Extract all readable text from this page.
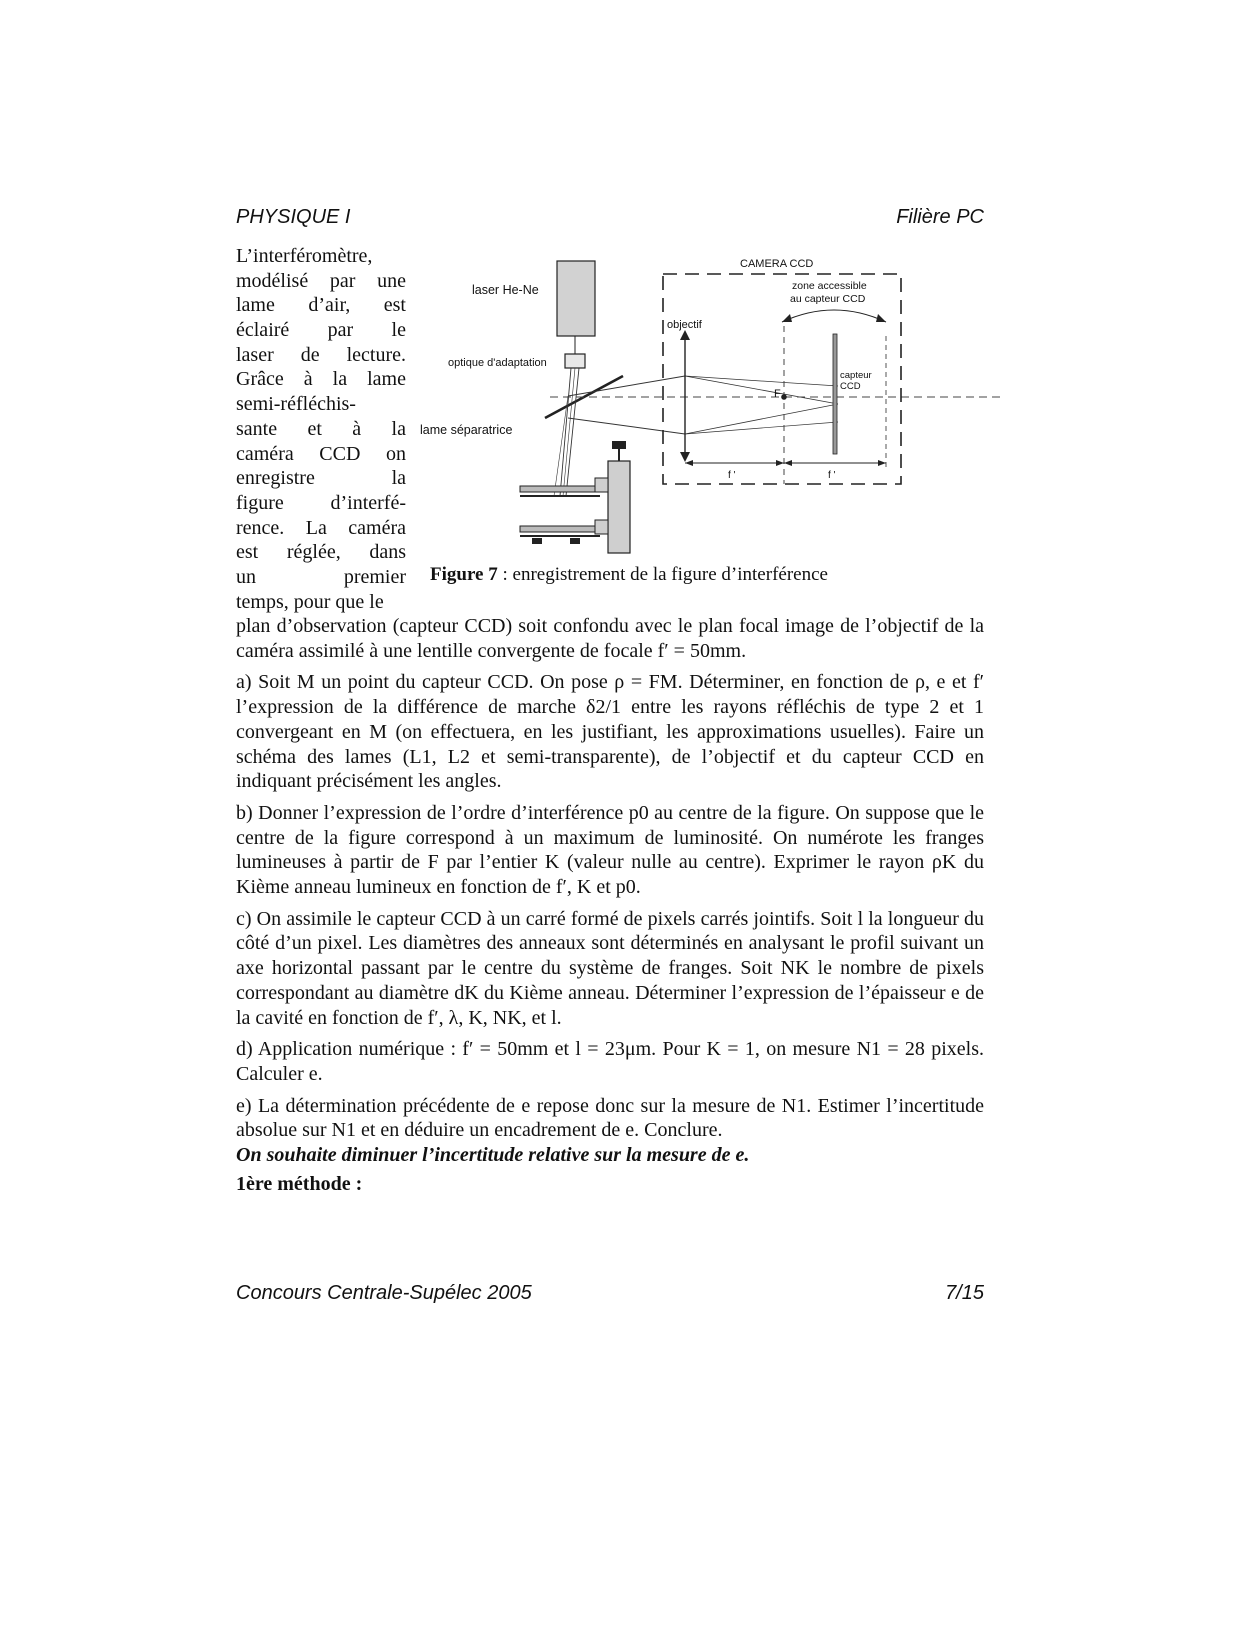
PHYSIQUE I	Filière PC
L’interféromètre,
modélisé par une
lame d’air, est
éclairé par le
laser de lecture.
Grâce à la lame
semi-réfléchis-
sante et à la
caméra CCD on
enregistre la
figure d’interfé-
rence. La caméra
est réglée, dans
un premier
temps, pour que le
laser He-Ne
optique d'adaptation
lame séparatrice
CAMERA CCD
zone accessible
au capteur CCD
objectif
F
capteur
CCD
f '	f '
Figure 7 : enregistrement de la figure d’interférence

plan d’observation (capteur CCD) soit confondu avec le plan focal image de l’objectif de la caméra assimilé à une lentille convergente de focale f′ = 50mm.

a) Soit M un point du capteur CCD. On pose ρ = FM. Déterminer, en fonction de ρ, e et f′ l’expression de la différence de marche δ2/1 entre les rayons réfléchis de type 2 et 1 convergeant en M (on effectuera, en les justifiant, les approximations usuelles). Faire un schéma des lames (L1, L2 et semi-transparente), de l’objectif et du capteur CCD en indiquant précisément les angles.

b) Donner l’expression de l’ordre d’interférence p0 au centre de la figure. On suppose que le centre de la figure correspond à un maximum de luminosité. On numérote les franges lumineuses à partir de F par l’entier K (valeur nulle au centre). Exprimer le rayon ρK du Kième anneau lumineux en fonction de f′, K et p0.

c) On assimile le capteur CCD à un carré formé de pixels carrés jointifs. Soit l la longueur du côté d’un pixel. Les diamètres des anneaux sont déterminés en analysant le profil suivant un axe horizontal passant par le centre du système de franges. Soit NK le nombre de pixels correspondant au diamètre dK du Kième anneau. Déterminer l’expression de l’épaisseur e de la cavité en fonction de f′, λ, K, NK, et l.

d) Application numérique : f′ = 50mm et l = 23μm. Pour K = 1, on mesure N1 = 28 pixels. Calculer e.

e) La détermination précédente de e repose donc sur la mesure de N1. Estimer l’incertitude absolue sur N1 et en déduire un encadrement de e. Conclure.

On souhaite diminuer l’incertitude relative sur la mesure de e.

1ère méthode :

Concours Centrale-Supélec 2005	7/15
